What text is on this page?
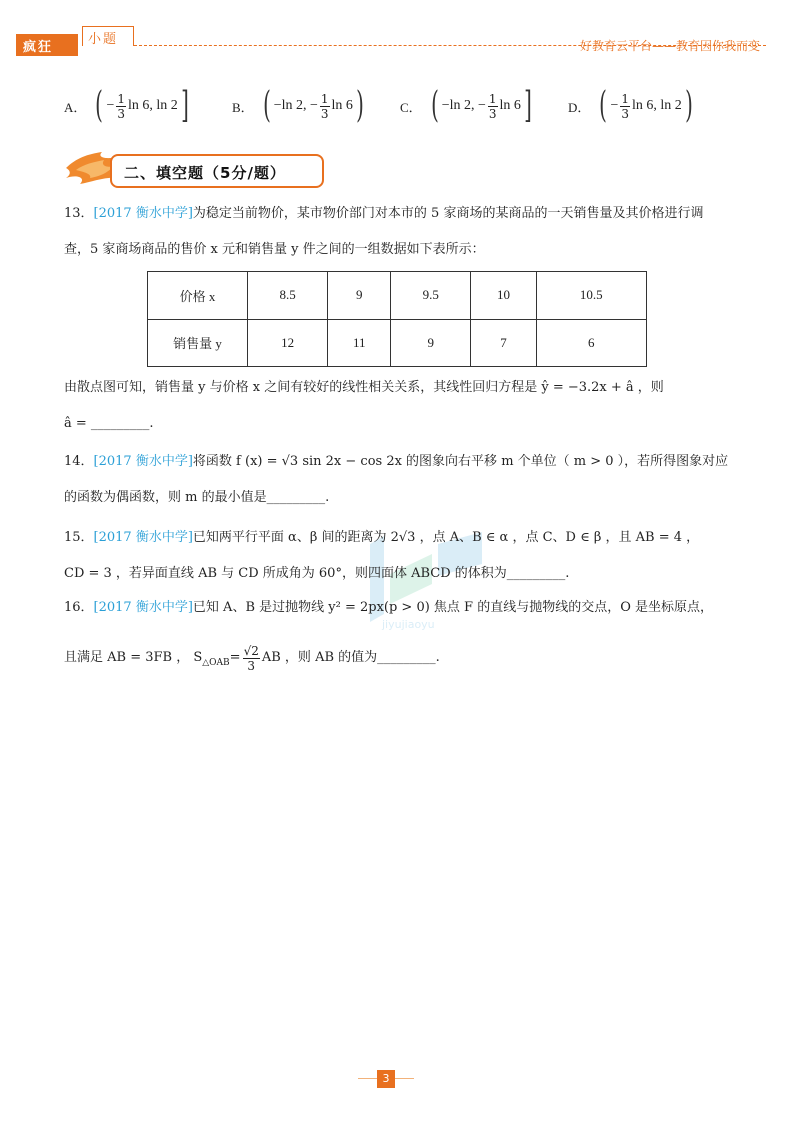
疯狂
小题	好教育云平台——教育因你我而变
A． ( − $\frac{1}{3}$ ln 6, ln 2 ]	B． ( −ln 2, − $\frac{1}{3}$ ln 6 )	C． ( −ln 2, − $\frac{1}{3}$ ln 6 ]	D． ( − $\frac{1}{3}$ ln 6, ln 2 )
二、填空题（5分/题）
13．[2017 衡水中学]为稳定当前物价，某市物价部门对本市的 5 家商场的某商品的一天销售量及其价格进行调
查，5 家商场商品的售价 x 元和销售量 y 件之间的一组数据如下表所示：
价格 x	8.5	9	9.5	10	10.5
销售量 y	12	11	9	7	6
由散点图可知，销售量 y 与价格 x 之间有较好的线性相关关系，其线性回归方程是 ŷ = −3.2x + â ，则
â = _________.
14．[2017 衡水中学]将函数 f (x) = √3 sin 2x − cos 2x 的图象向右平移 m 个单位（ m > 0 ），若所得图象对应
的函数为偶函数，则 m 的最小值是_________.
jiyujiaoyu
15．[2017 衡水中学]已知两平行平面 α、β 间的距离为 2√3 ，点 A、B ∈ α ，点 C、D ∈ β ，且 AB = 4 ，
CD = 3 ，若异面直线 AB 与 CD 所成角为 60°，则四面体 ABCD 的体积为_________.
16．[2017 衡水中学]已知 A、B 是过抛物线 y² = 2px(p > 0) 焦点 F 的直线与抛物线的交点，O 是坐标原点，
且满足 AB = 3FB ， S △OAB = $\frac{√2}{3}$ AB ，则 AB 的值为_________.
3
